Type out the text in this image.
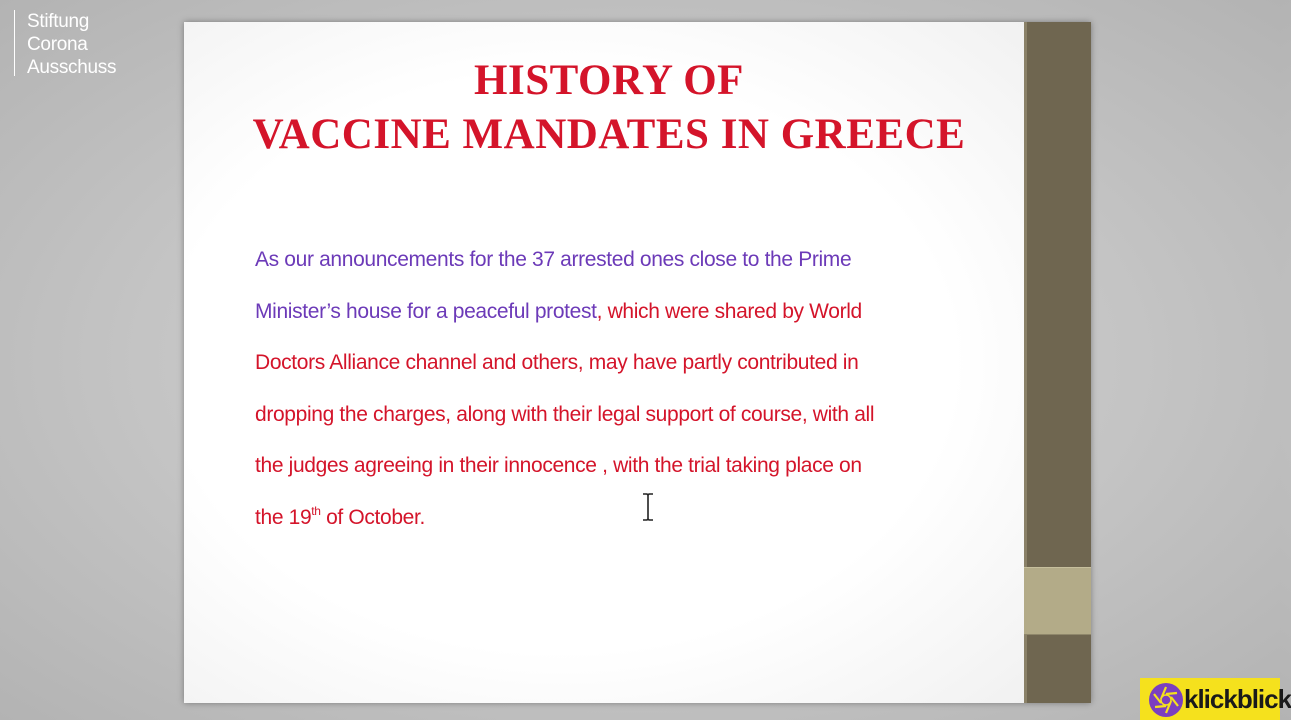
Stiftung
Corona
Ausschuss	HISTORY OF
VACCINE MANDATES IN GREECE
As our announcements for the 37 arrested ones close to the Prime
Minister’s house for a peaceful protest, which were shared by World
Doctors Alliance channel and others, may have partly contributed in
dropping the charges, along with their legal support of course, with all
the judges agreeing in their innocence , with the trial taking place on
the 19th of October.
klickblick
